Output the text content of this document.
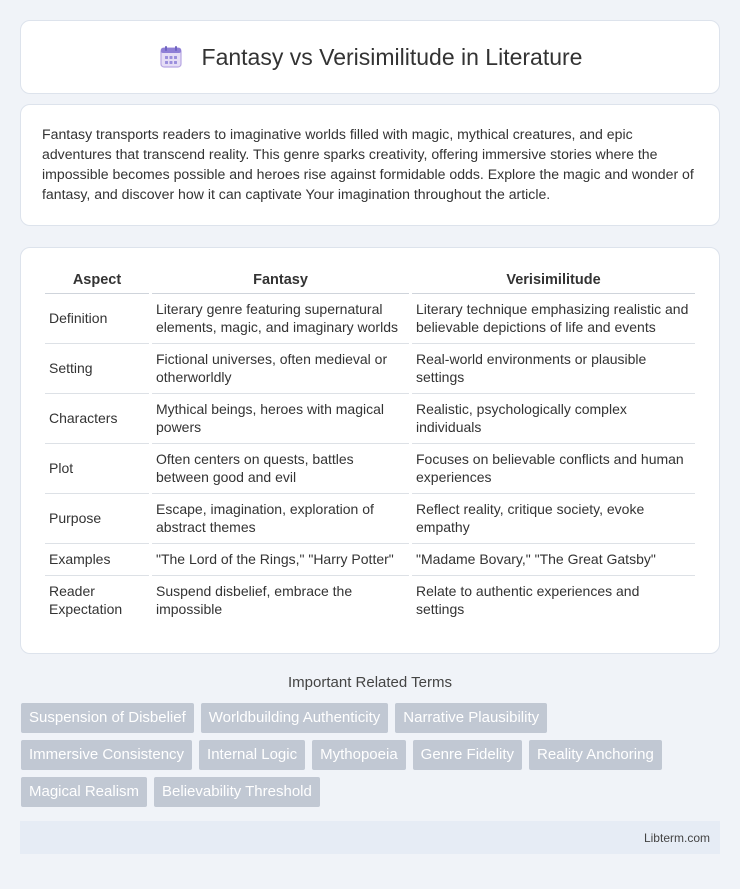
Fantasy vs Verisimilitude in Literature

Fantasy transports readers to imaginative worlds filled with magic, mythical creatures, and epic adventures that transcend reality. This genre sparks creativity, offering immersive stories where the impossible becomes possible and heroes rise against formidable odds. Explore the magic and wonder of fantasy, and discover how it can captivate Your imagination throughout the article.

Aspect	Fantasy	Verisimilitude
Definition	Literary genre featuring supernatural elements, magic, and imaginary worlds	Literary technique emphasizing realistic and believable depictions of life and events
Setting	Fictional universes, often medieval or otherworldly	Real-world environments or plausible settings
Characters	Mythical beings, heroes with magical powers	Realistic, psychologically complex individuals
Plot	Often centers on quests, battles between good and evil	Focuses on believable conflicts and human experiences
Purpose	Escape, imagination, exploration of abstract themes	Reflect reality, critique society, evoke empathy
Examples	"The Lord of the Rings," "Harry Potter"	"Madame Bovary," "The Great Gatsby"
Reader Expectation	Suspend disbelief, embrace the impossible	Relate to authentic experiences and settings
Important Related Terms
Suspension of Disbelief	Worldbuilding Authenticity	Narrative Plausibility
Immersive Consistency	Internal Logic	Mythopoeia	Genre Fidelity	Reality Anchoring
Magical Realism	Believability Threshold
Libterm.com
